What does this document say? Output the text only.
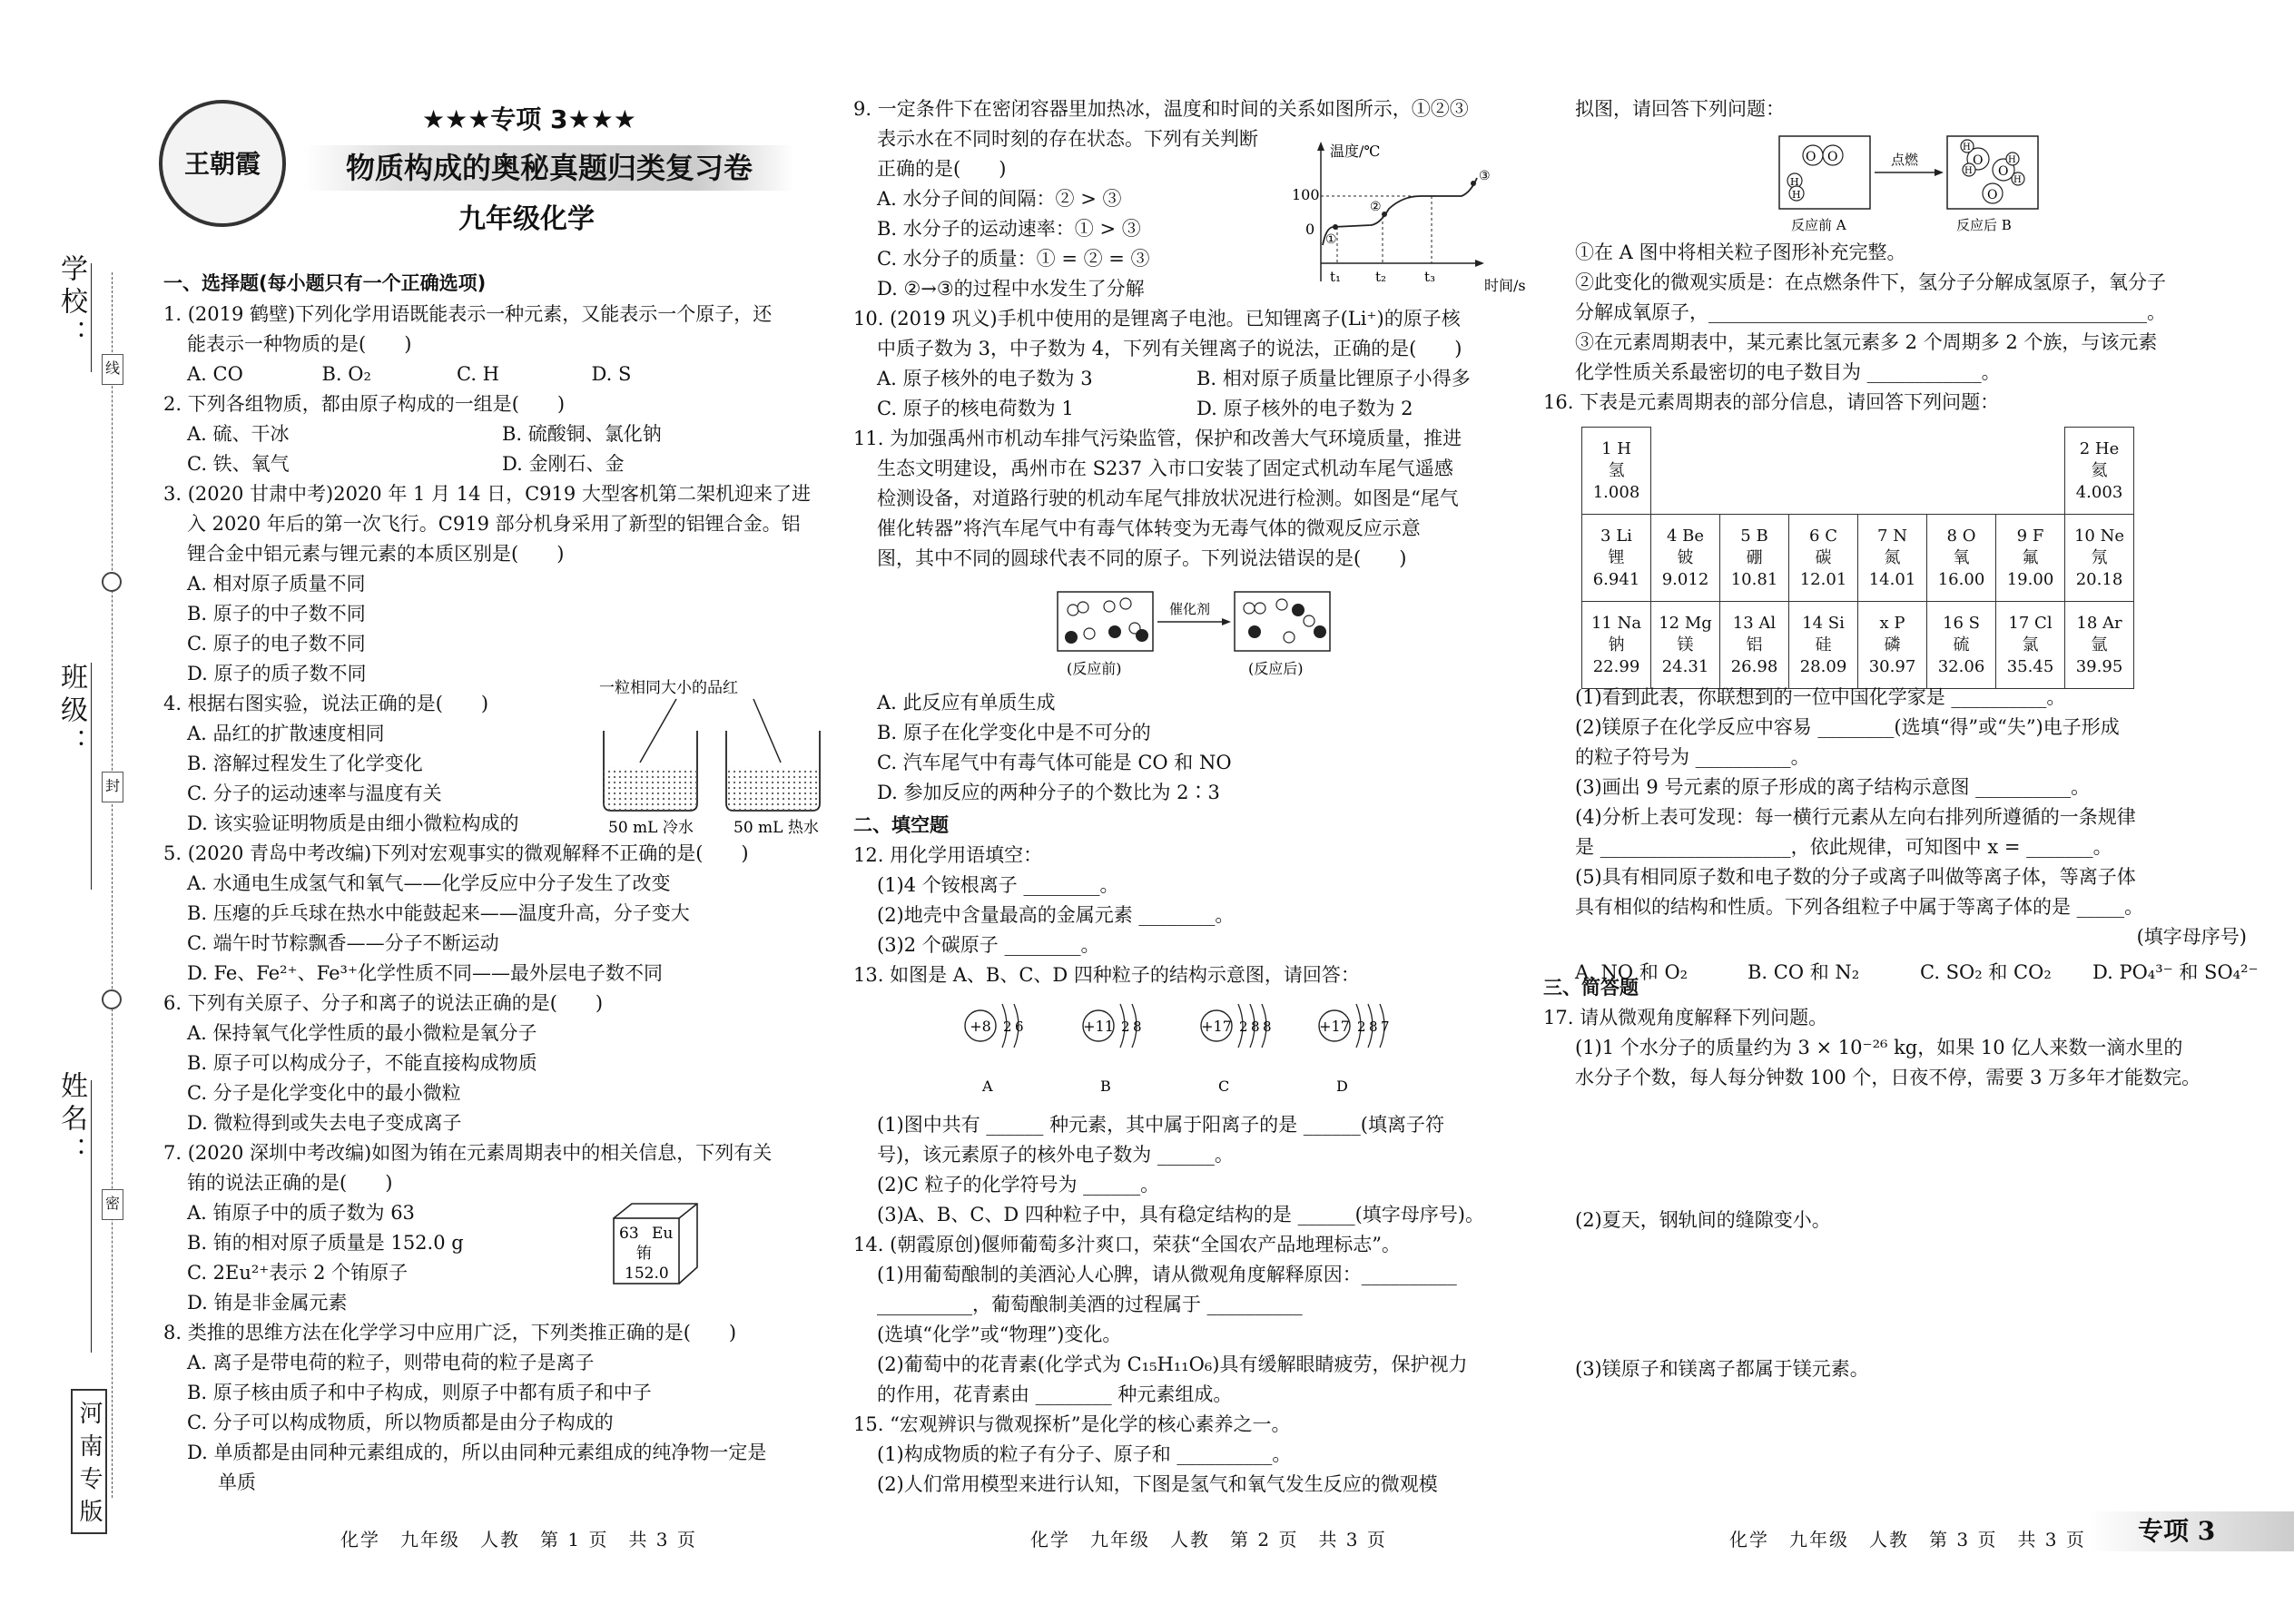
学校：
班级：
姓名：
线
封
密
河南专版
王朝霞
★★★专项 3★★★
物质构成的奥秘真题归类复习卷
九年级化学
一、选择题(每小题只有一个正确选项)
1. (2019 鹤壁)下列化学用语既能表示一种元素，又能表示一个原子，还
能表示一种物质的是(　　)
A. CO	B. O₂	C. H	D. S
2. 下列各组物质，都由原子构成的一组是(　　)
A. 硫、干冰	B. 硫酸铜、氯化钠
C. 铁、氧气	D. 金刚石、金
3. (2020 甘肃中考)2020 年 1 月 14 日，C919 大型客机第二架机迎来了进
入 2020 年后的第一次飞行。C919 部分机身采用了新型的铝锂合金。铝
锂合金中铝元素与锂元素的本质区别是(　　)
A. 相对原子质量不同
B. 原子的中子数不同
C. 原子的电子数不同
D. 原子的质子数不同
4. 根据右图实验，说法正确的是(　　)
A. 品红的扩散速度相同
B. 溶解过程发生了化学变化
C. 分子的运动速率与温度有关
D. 该实验证明物质是由细小微粒构成的
一粒相同大小的品红
50 mL 冷水	50 mL 热水
5. (2020 青岛中考改编)下列对宏观事实的微观解释不正确的是(　　)
A. 水通电生成氢气和氧气——化学反应中分子发生了改变
B. 压瘪的乒乓球在热水中能鼓起来——温度升高，分子变大
C. 端午时节粽飘香——分子不断运动
D. Fe、Fe²⁺、Fe³⁺化学性质不同——最外层电子数不同
6. 下列有关原子、分子和离子的说法正确的是(　　)
A. 保持氧气化学性质的最小微粒是氧分子
B. 原子可以构成分子，不能直接构成物质
C. 分子是化学变化中的最小微粒
D. 微粒得到或失去电子变成离子
7. (2020 深圳中考改编)如图为铕在元素周期表中的相关信息，下列有关
铕的说法正确的是(　　)
A. 铕原子中的质子数为 63
B. 铕的相对原子质量是 152.0 g
C. 2Eu²⁺表示 2 个铕原子
D. 铕是非金属元素
63 Eu
铕
152.0
8. 类推的思维方法在化学学习中应用广泛，下列类推正确的是(　　)
A. 离子是带电荷的粒子，则带电荷的粒子是离子
B. 原子核由质子和中子构成，则原子中都有质子和中子
C. 分子可以构成物质，所以物质都是由分子构成的
D. 单质都是由同种元素组成的，所以由同种元素组成的纯净物一定是
单质
化学　九年级　人教　第 1 页　共 3 页
9. 一定条件下在密闭容器里加热冰，温度和时间的关系如图所示，①②③
表示水在不同时刻的存在状态。下列有关判断
正确的是(　　)
A. 水分子间的间隔：② > ③
B. 水分子的运动速率：① > ③
C. 水分子的质量：① = ② = ③
D. ②→③的过程中水发生了分解
温度/℃
时间/s
100
0
①
②
③
t₁	t₂	t₃
10. (2019 巩义)手机中使用的是锂离子电池。已知锂离子(Li⁺)的原子核
中质子数为 3，中子数为 4，下列有关锂离子的说法，正确的是(　　)
A. 原子核外的电子数为 3	B. 相对原子质量比锂原子小得多
C. 原子的核电荷数为 1	D. 原子核外的电子数为 2
11. 为加强禹州市机动车排气污染监管，保护和改善大气环境质量，推进
生态文明建设，禹州市在 S237 入市口安装了固定式机动车尾气遥感
检测设备，对道路行驶的机动车尾气排放状况进行检测。如图是“尾气
催化转器”将汽车尾气中有毒气体转变为无毒气体的微观反应示意
图，其中不同的圆球代表不同的原子。下列说法错误的是(　　)
催化剂
(反应前)	(反应后)
A. 此反应有单质生成
B. 原子在化学变化中是不可分的
C. 汽车尾气中有毒气体可能是 CO 和 NO
D. 参加反应的两种分子的个数比为 2∶3
二、填空题
12. 用化学用语填空：
(1)4 个铵根离子 ________。
(2)地壳中含量最高的金属元素 ________。
(3)2 个碳原子 ________。
13. 如图是 A、B、C、D 四种粒子的结构示意图，请回答：
+8 2 6
A
+11 2 8
B
+17 2 8 8
C
+17 2 8 7
D
(1)图中共有 ______ 种元素，其中属于阳离子的是 ______(填离子符
号)，该元素原子的核外电子数为 ______。
(2)C 粒子的化学符号为 ______。
(3)A、B、C、D 四种粒子中，具有稳定结构的是 ______(填字母序号)。
14. (朝霞原创)偃师葡萄多汁爽口，荣获“全国农产品地理标志”。
(1)用葡萄酿制的美酒沁人心脾，请从微观角度解释原因：__________
__________，葡萄酿制美酒的过程属于 __________
(选填“化学”或“物理”)变化。
(2)葡萄中的花青素(化学式为 C₁₅H₁₁O₆)具有缓解眼睛疲劳，保护视力
的作用，花青素由 ________ 种元素组成。
15. “宏观辨识与微观探析”是化学的核心素养之一。
(1)构成物质的粒子有分子、原子和 __________。
(2)人们常用模型来进行认知，下图是氢气和氧气发生反应的微观模
化学　九年级　人教　第 2 页　共 3 页
拟图，请回答下列问题：
O O
H
H
O
H
H O
H
H
O
点燃
反应前 A	反应后 B
①在 A 图中将相关粒子图形补充完整。
②此变化的微观实质是：在点燃条件下，氢分子分解成氢原子，氧分子
分解成氧原子，______________________________________________。
③在元素周期表中，某元素比氢元素多 2 个周期多 2 个族，与该元素
化学性质关系最密切的电子数目为 ____________。
16. 下表是元素周期表的部分信息，请回答下列问题：
1 H
氢
1.008							2 He
氦
4.003

3 Li
锂
6.941	4 Be
铍
9.012	5 B
硼
10.81	6 C
碳
12.01	7 N
氮
14.01	8 O
氧
16.00	9 F
氟
19.00	10 Ne
氖
20.18

11 Na
钠
22.99	12 Mg
镁
24.31	13 Al
铝
26.98	14 Si
硅
28.09	x P
磷
30.97	16 S
硫
32.06	17 Cl
氯
35.45	18 Ar
氩
39.95
(1)看到此表，你联想到的一位中国化学家是 __________。
(2)镁原子在化学反应中容易 ________(选填“得”或“失”)电子形成
的粒子符号为 __________。
(3)画出 9 号元素的原子形成的离子结构示意图 __________。
(4)分析上表可发现：每一横行元素从左向右排列所遵循的一条规律
是 ____________________，依此规律，可知图中 x = _______。
(5)具有相同原子数和电子数的分子或离子叫做等离子体，等离子体
具有相似的结构和性质。下列各组粒子中属于等离子体的是 _____。
(填字母序号)
A. NO 和 O₂	B. CO 和 N₂	C. SO₂ 和 CO₂	D. PO₄³⁻ 和 SO₄²⁻
三、简答题
17. 请从微观角度解释下列问题。
(1)1 个水分子的质量约为 3 × 10⁻²⁶ kg，如果 10 亿人来数一滴水里的
水分子个数，每人每分钟数 100 个，日夜不停，需要 3 万多年才能数完。
(2)夏天，钢轨间的缝隙变小。
(3)镁原子和镁离子都属于镁元素。
化学　九年级　人教　第 3 页　共 3 页	专项 3
